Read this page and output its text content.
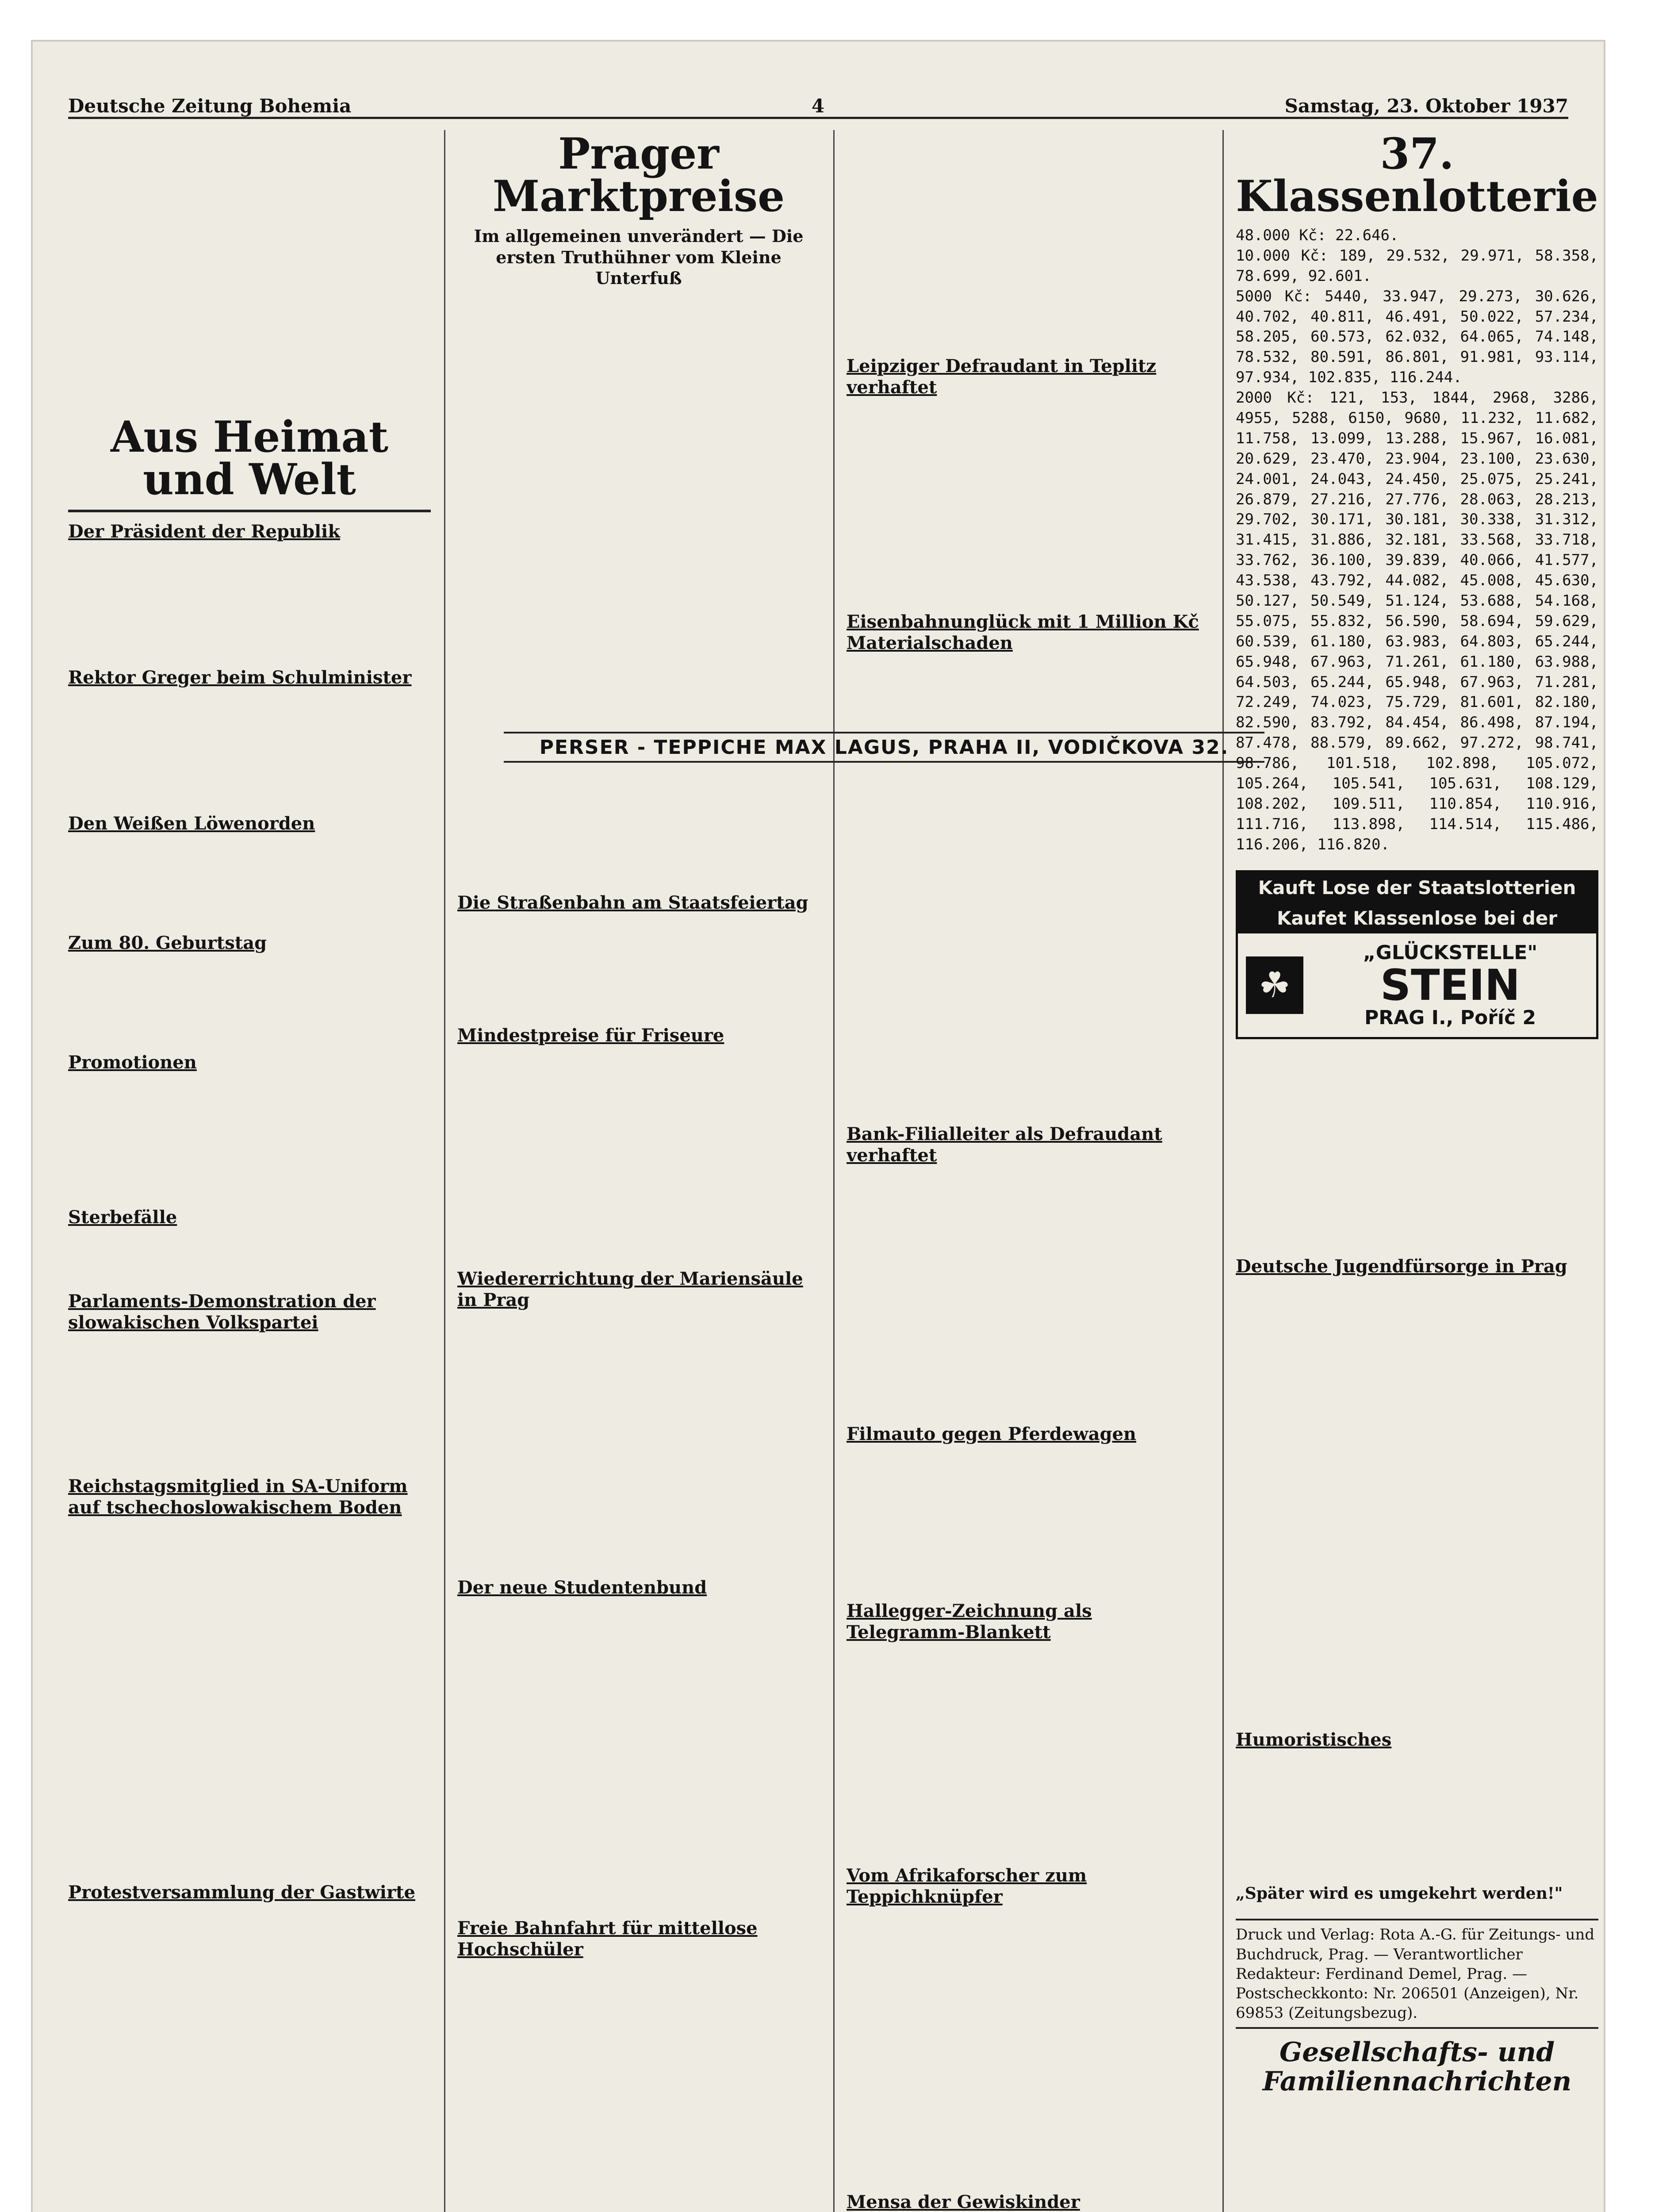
Deutsche Zeitung Bohemia	4	Samstag, 23. Oktober 1937
Aus Heimat und Welt
Der Präsident der Republik
Rektor Greger beim Schulminister
Den Weißen Löwenorden
Zum 80. Geburtstag
Promotionen
Sterbefälle
Parlaments-Demonstration der slowakischen Volkspartei
Reichstagsmitglied in SA-Uniform auf tschechoslowakischem Boden
Protestversammlung der Gastwirte
Prager Marktpreise
Im allgemeinen unverändert — Die ersten Truthühner vom Kleine Unterfuß
Die Straßenbahn am Staatsfeiertag
Mindestpreise für Friseure
Wiedererrichtung der Mariensäule in Prag
Der neue Studentenbund
Freie Bahnfahrt für mittellose Hochschüler
Leipziger Defraudant in Teplitz verhaftet
Eisenbahnunglück mit 1 Million Kč Materialschaden
Bank-Filialleiter als Defraudant verhaftet
Filmauto gegen Pferdewagen
Hallegger-Zeichnung als Telegramm-Blankett
Vom Afrikaforscher zum Teppichknüpfer
Mensa der Gewiskinder
PERSER - TEPPICHE MAX LAGUS, PRAHA II, VODIČKOVA 32.
37. Klassenlotterie
48.000 Kč: 22.646.
10.000 Kč: 189, 29.532, 29.971, 58.358, 78.699, 92.601.
5000 Kč: 5440, 33.947, 29.273, 30.626, 40.702, 40.811, 46.491, 50.022, 57.234, 58.205, 60.573, 62.032, 64.065, 74.148, 78.532, 80.591, 86.801, 91.981, 93.114, 97.934, 102.835, 116.244.
2000 Kč: 121, 153, 1844, 2968, 3286, 4955, 5288, 6150, 9680, 11.232, 11.682, 11.758, 13.099, 13.288, 15.967, 16.081, 20.629, 23.470, 23.904, 23.100, 23.630, 24.001, 24.043, 24.450, 25.075, 25.241, 26.879, 27.216, 27.776, 28.063, 28.213, 29.702, 30.171, 30.181, 30.338, 31.312, 31.415, 31.886, 32.181, 33.568, 33.718, 33.762, 36.100, 39.839, 40.066, 41.577, 43.538, 43.792, 44.082, 45.008, 45.630, 50.127, 50.549, 51.124, 53.688, 54.168, 55.075, 55.832, 56.590, 58.694, 59.629, 60.539, 61.180, 63.983, 64.803, 65.244, 65.948, 67.963, 71.261, 61.180, 63.988, 64.503, 65.244, 65.948, 67.963, 71.281, 72.249, 74.023, 75.729, 81.601, 82.180, 82.590, 83.792, 84.454, 86.498, 87.194, 87.478, 88.579, 89.662, 97.272, 98.741, 98.786, 101.518, 102.898, 105.072, 105.264, 105.541, 105.631, 108.129, 108.202, 109.511, 110.854, 110.916, 111.716, 113.898, 114.514, 115.486, 116.206, 116.820.
Kauft Lose der Staatslotterien
Kaufet Klassenlose bei der
☘
„GLÜCKSTELLE"
STEIN
PRAG I., Poříč 2
Deutsche Jugendfürsorge in Prag
Humoristisches
„Später wird es umgekehrt werden!"
Druck und Verlag: Rota A.-G. für Zeitungs- und Buchdruck, Prag. — Verantwortlicher Redakteur: Ferdinand Demel, Prag. — Postscheckkonto: Nr. 206501 (Anzeigen), Nr. 69853 (Zeitungsbezug).
Gesellschafts- und Familiennachrichten
